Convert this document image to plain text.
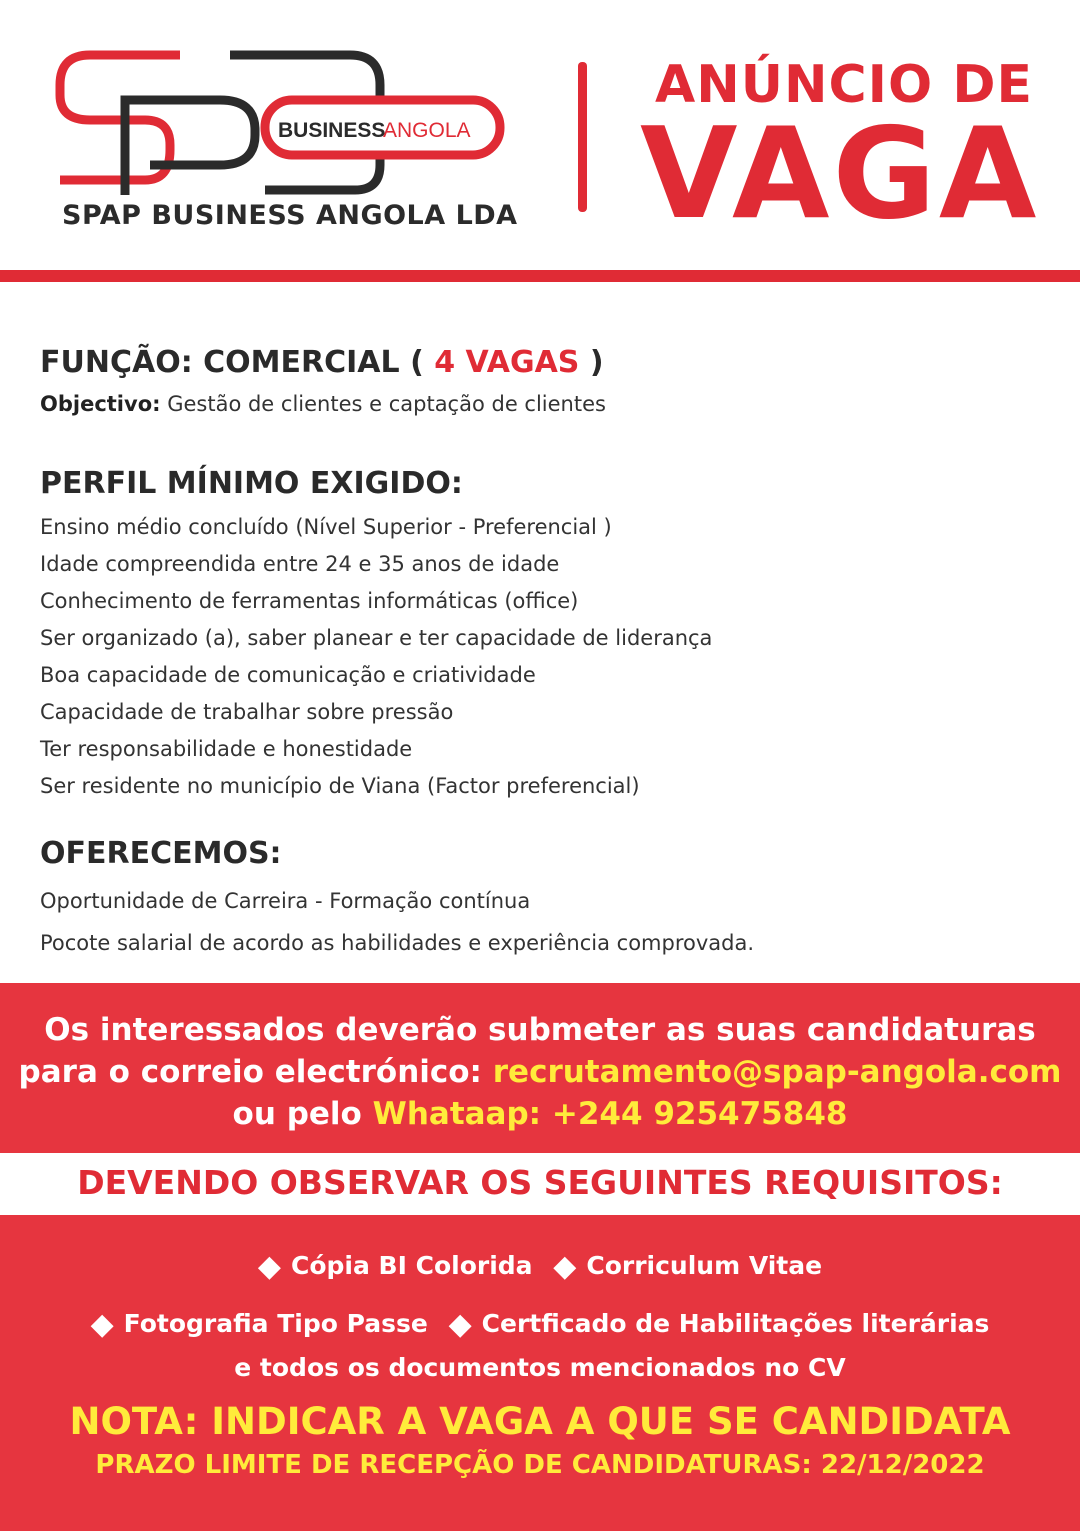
BUSINESS
ANGOLA
SPAP BUSINESS ANGOLA LDA
ANÚNCIO DE
VAGA
FUNÇÃO: COMERCIAL ( 4 VAGAS )
Objectivo: Gestão de clientes e captação de clientes
PERFIL MÍNIMO EXIGIDO:
Ensino médio concluído (Nível Superior - Preferencial )
Idade compreendida entre 24 e 35 anos de idade
Conhecimento de ferramentas informáticas (office)
Ser organizado (a), saber planear e ter capacidade de liderança
Boa capacidade de comunicação e criatividade
Capacidade de trabalhar sobre pressão
Ter responsabilidade e honestidade
Ser residente no município de Viana (Factor preferencial)
OFERECEMOS:

Oportunidade de Carreira - Formação contínua

Pocote salarial de acordo as habilidades e experiência comprovada.

Os interessados deverão submeter as suas candidaturas
para o correio electrónico: recrutamento@spap-angola.com
ou pelo Whataap: +244 925475848
DEVENDO OBSERVAR OS SEGUINTES REQUISITOS:
◆ Cópia BI Colorida ◆ Corriculum Vitae
◆ Fotografia Tipo Passe ◆ Certficado de Habilitações literárias
e todos os documentos mencionados no CV
NOTA: INDICAR A VAGA A QUE SE CANDIDATA
PRAZO LIMITE DE RECEPÇÃO DE CANDIDATURAS: 22/12/2022
